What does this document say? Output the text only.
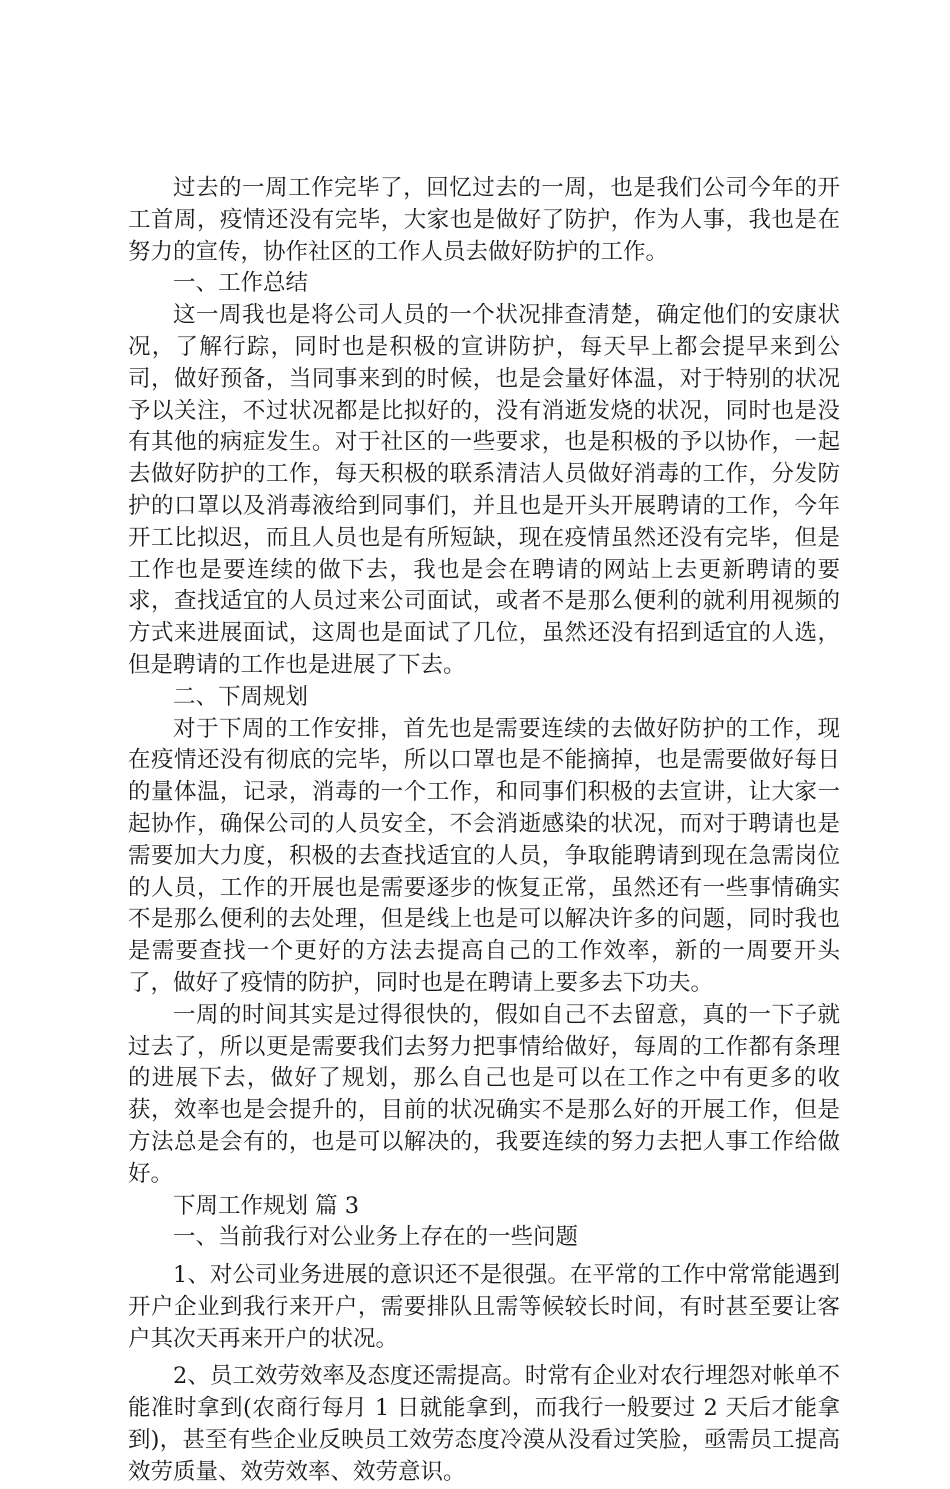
过去的一周工作完毕了，回忆过去的一周，也是我们公司今年的开工首周，疫情还没有完毕，大家也是做好了防护，作为人事，我也是在努力的宣传，协作社区的工作人员去做好防护的工作。

一、工作总结

这一周我也是将公司人员的一个状况排查清楚，确定他们的安康状况，了解行踪，同时也是积极的宣讲防护，每天早上都会提早来到公司，做好预备，当同事来到的时候，也是会量好体温，对于特别的状况予以关注，不过状况都是比拟好的，没有消逝发烧的状况，同时也是没有其他的病症发生。对于社区的一些要求，也是积极的予以协作，一起去做好防护的工作，每天积极的联系清洁人员做好消毒的工作，分发防护的口罩以及消毒液给到同事们，并且也是开头开展聘请的工作，今年开工比拟迟，而且人员也是有所短缺，现在疫情虽然还没有完毕，但是工作也是要连续的做下去，我也是会在聘请的网站上去更新聘请的要求，查找适宜的人员过来公司面试，或者不是那么便利的就利用视频的方式来进展面试，这周也是面试了几位，虽然还没有招到适宜的人选，但是聘请的工作也是进展了下去。

二、下周规划

对于下周的工作安排，首先也是需要连续的去做好防护的工作，现在疫情还没有彻底的完毕，所以口罩也是不能摘掉，也是需要做好每日的量体温，记录，消毒的一个工作，和同事们积极的去宣讲，让大家一起协作，确保公司的人员安全，不会消逝感染的状况，而对于聘请也是需要加大力度，积极的去查找适宜的人员，争取能聘请到现在急需岗位的人员，工作的开展也是需要逐步的恢复正常，虽然还有一些事情确实不是那么便利的去处理，但是线上也是可以解决许多的问题，同时我也是需要查找一个更好的方法去提高自己的工作效率，新的一周要开头了，做好了疫情的防护，同时也是在聘请上要多去下功夫。

一周的时间其实是过得很快的，假如自己不去留意，真的一下子就过去了，所以更是需要我们去努力把事情给做好，每周的工作都有条理的进展下去，做好了规划，那么自己也是可以在工作之中有更多的收获，效率也是会提升的，目前的状况确实不是那么好的开展工作，但是方法总是会有的，也是可以解决的，我要连续的努力去把人事工作给做好。

下周工作规划 篇 3

一、当前我行对公业务上存在的一些问题

1、对公司业务进展的意识还不是很强。在平常的工作中常常能遇到开户企业到我行来开户，需要排队且需等候较长时间，有时甚至要让客户其次天再来开户的状况。

2、员工效劳效率及态度还需提高。时常有企业对农行埋怨对帐单不能准时拿到(农商行每月 1 日就能拿到，而我行一般要过 2 天后才能拿到)，甚至有些企业反映员工效劳态度冷漠从没看过笑脸，亟需员工提高效劳质量、效劳效率、效劳意识。
